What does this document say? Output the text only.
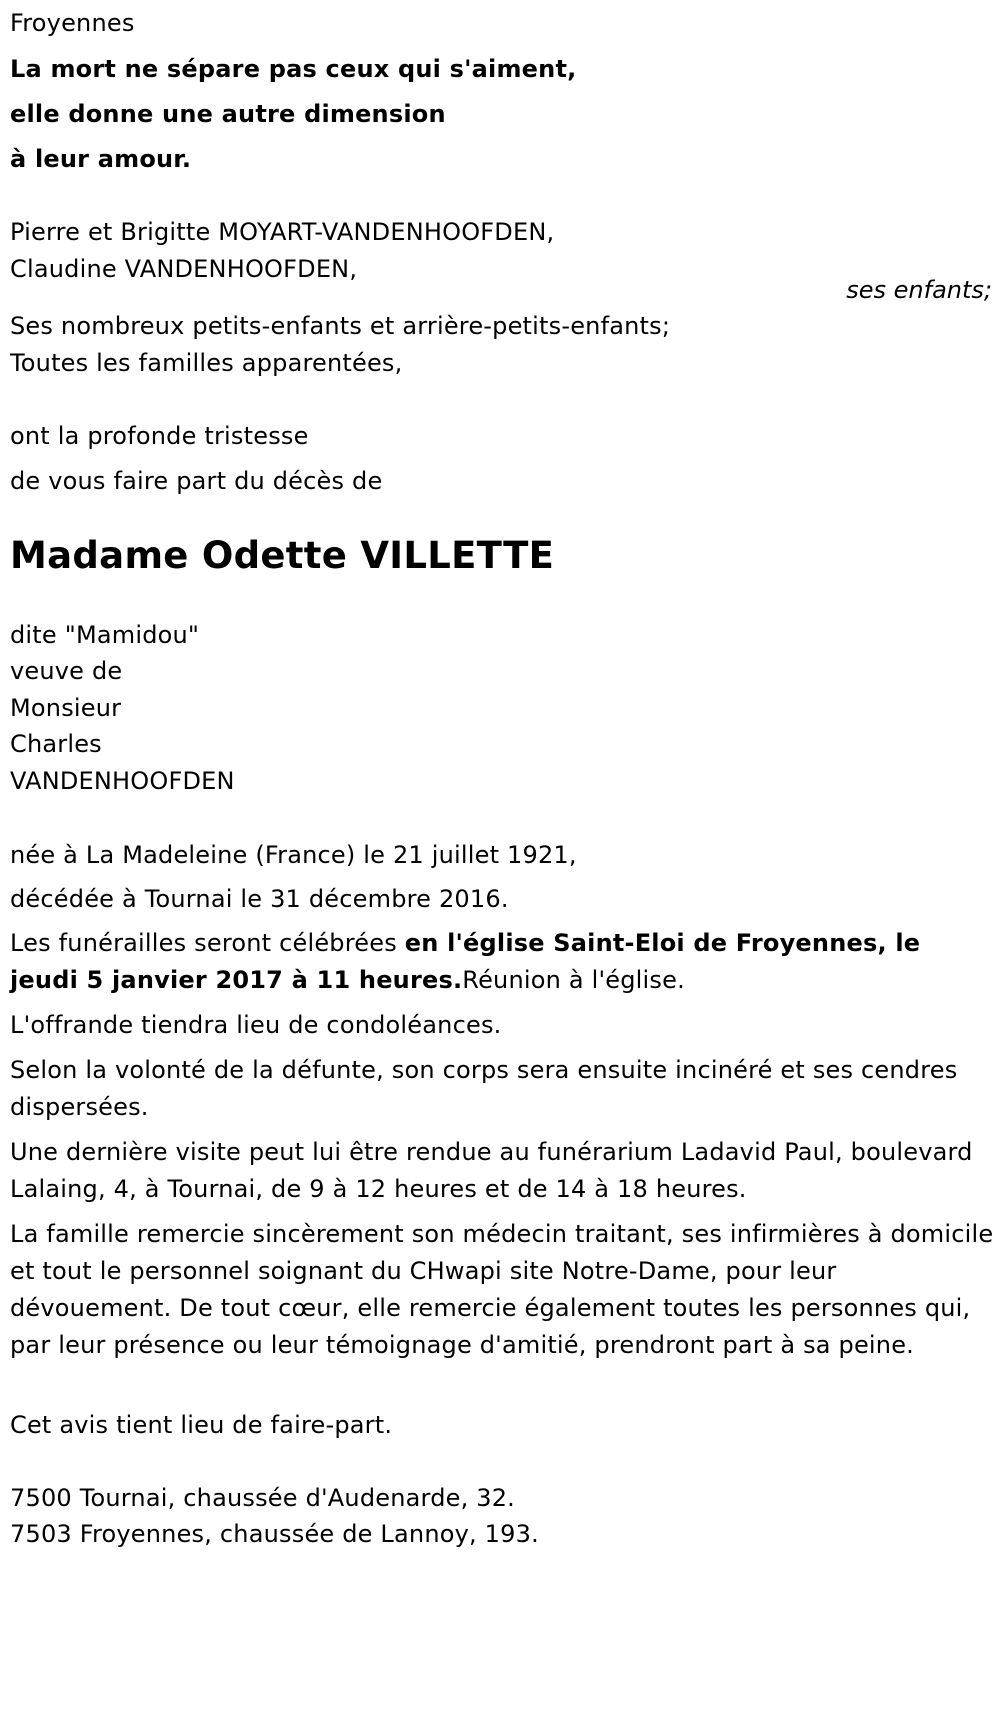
Froyennes
La mort ne sépare pas ceux qui s'aiment,
elle donne une autre dimension
à leur amour.
Pierre et Brigitte MOYART-VANDENHOOFDEN,
Claudine VANDENHOOFDEN,
ses enfants;
Ses nombreux petits-enfants et arrière-petits-enfants;
Toutes les familles apparentées,
ont la profonde tristesse
de vous faire part du décès de
Madame Odette VILLETTE
dite "Mamidou"
veuve de
Monsieur
Charles
VANDENHOOFDEN
née à La Madeleine (France) le 21 juillet 1921,
décédée à Tournai le 31 décembre 2016.
Les funérailles seront célébrées en l'église Saint-Eloi de Froyennes, le jeudi 5 janvier 2017 à 11 heures.Réunion à l'église.
L'offrande tiendra lieu de condoléances.
Selon la volonté de la défunte, son corps sera ensuite incinéré et ses cendres dispersées.
Une dernière visite peut lui être rendue au funérarium Ladavid Paul, boulevard Lalaing, 4, à Tournai, de 9 à 12 heures et de 14 à 18 heures.
La famille remercie sincèrement son médecin traitant, ses infirmières à domicile et tout le personnel soignant du CHwapi site Notre-Dame, pour leur dévouement. De tout cœur, elle remercie également toutes les personnes qui, par leur présence ou leur témoignage d'amitié, prendront part à sa peine.
Cet avis tient lieu de faire-part.
7500 Tournai, chaussée d'Audenarde, 32.
7503 Froyennes, chaussée de Lannoy, 193.
